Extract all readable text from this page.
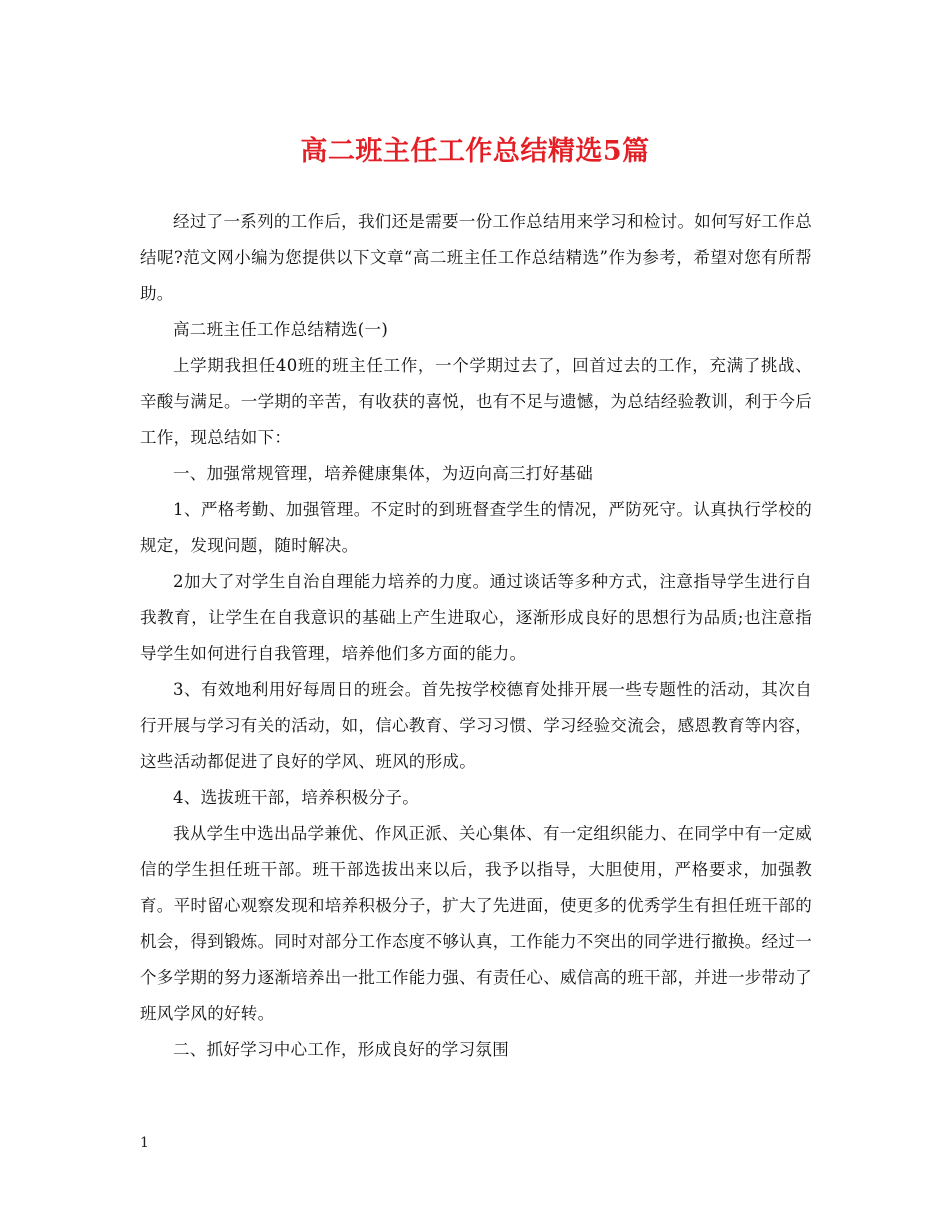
高二班主任工作总结精选5篇

经过了一系列的工作后，我们还是需要一份工作总结用来学习和检讨。如何写好工作总结呢?范文网小编为您提供以下文章“高二班主任工作总结精选”作为参考，希望对您有所帮助。

高二班主任工作总结精选(一)

上学期我担任40班的班主任工作，一个学期过去了，回首过去的工作，充满了挑战、辛酸与满足。一学期的辛苦，有收获的喜悦，也有不足与遗憾，为总结经验教训，利于今后工作，现总结如下：

一、加强常规管理，培养健康集体，为迈向高三打好基础

1、严格考勤、加强管理。不定时的到班督查学生的情况，严防死守。认真执行学校的规定，发现问题，随时解决。

2加大了对学生自治自理能力培养的力度。通过谈话等多种方式，注意指导学生进行自我教育，让学生在自我意识的基础上产生进取心，逐渐形成良好的思想行为品质;也注意指导学生如何进行自我管理，培养他们多方面的能力。

3、有效地利用好每周日的班会。首先按学校德育处排开展一些专题性的活动，其次自行开展与学习有关的活动，如，信心教育、学习习惯、学习经验交流会，感恩教育等内容，这些活动都促进了良好的学风、班风的形成。

4、选拔班干部，培养积极分子。

我从学生中选出品学兼优、作风正派、关心集体、有一定组织能力、在同学中有一定威信的学生担任班干部。班干部选拔出来以后，我予以指导，大胆使用，严格要求，加强教育。平时留心观察发现和培养积极分子，扩大了先进面，使更多的优秀学生有担任班干部的机会，得到锻炼。同时对部分工作态度不够认真，工作能力不突出的同学进行撤换。经过一个多学期的努力逐渐培养出一批工作能力强、有责任心、威信高的班干部，并进一步带动了班风学风的好转。

二、抓好学习中心工作，形成良好的学习氛围

1
